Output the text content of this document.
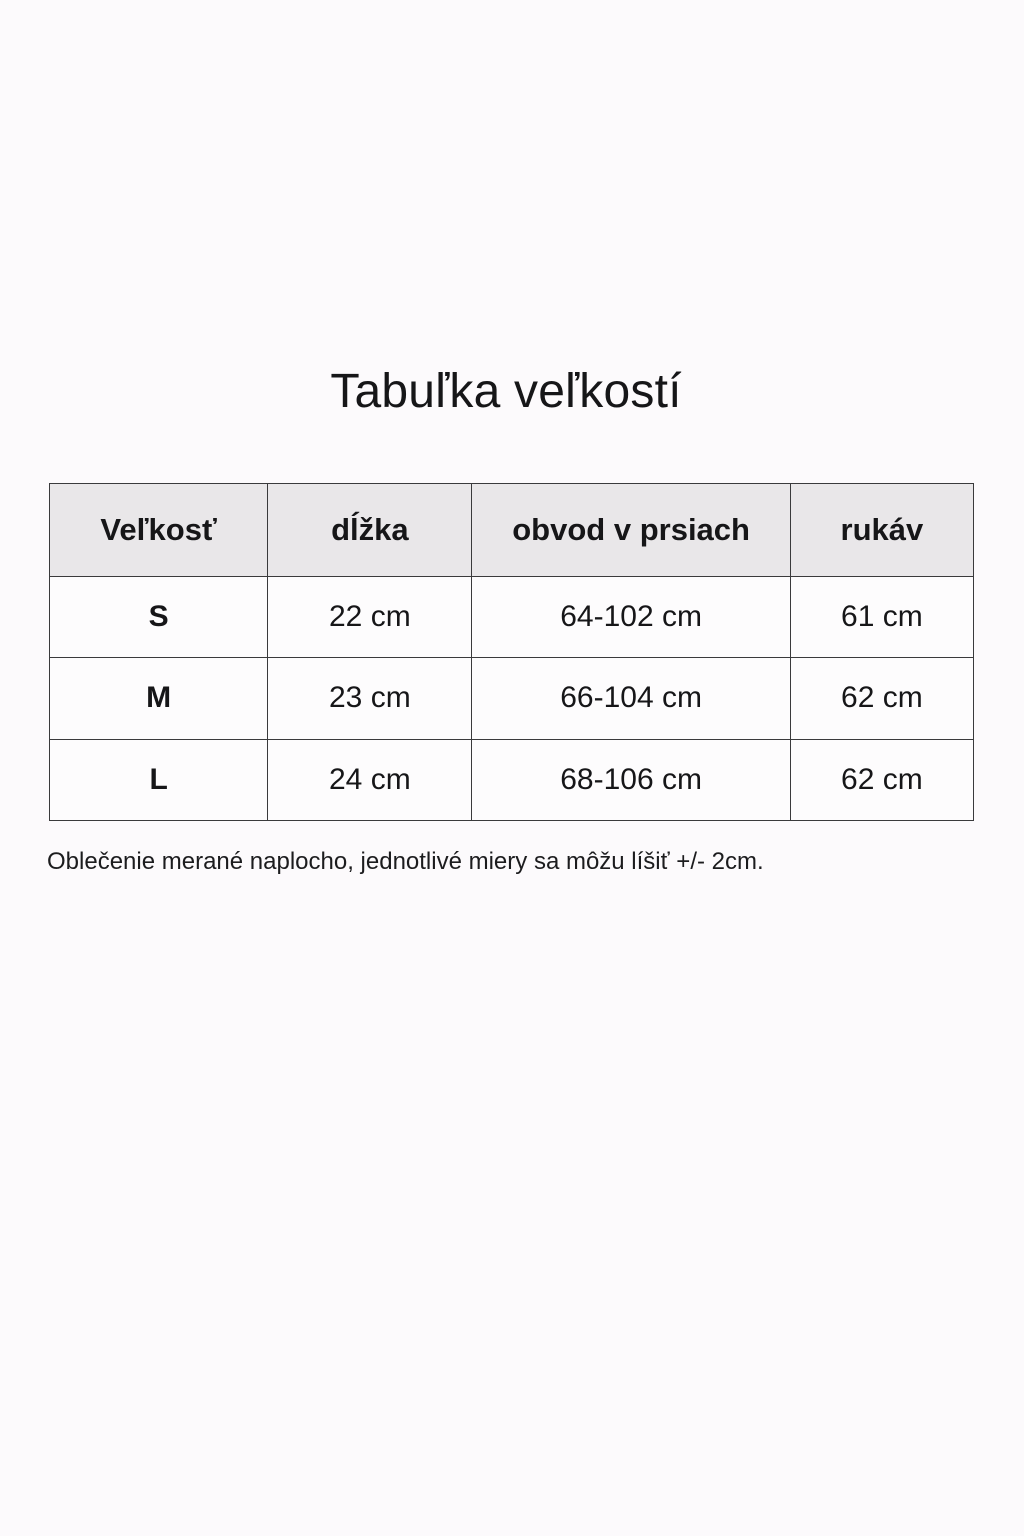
Tabuľka veľkostí
Veľkosť	dĺžka	obvod v prsiach	rukáv
S	22 cm	64-102 cm	61 cm
M	23 cm	66-104 cm	62 cm
L	24 cm	68-106 cm	62 cm

Oblečenie merané naplocho, jednotlivé miery sa môžu líšiť +/- 2cm.
